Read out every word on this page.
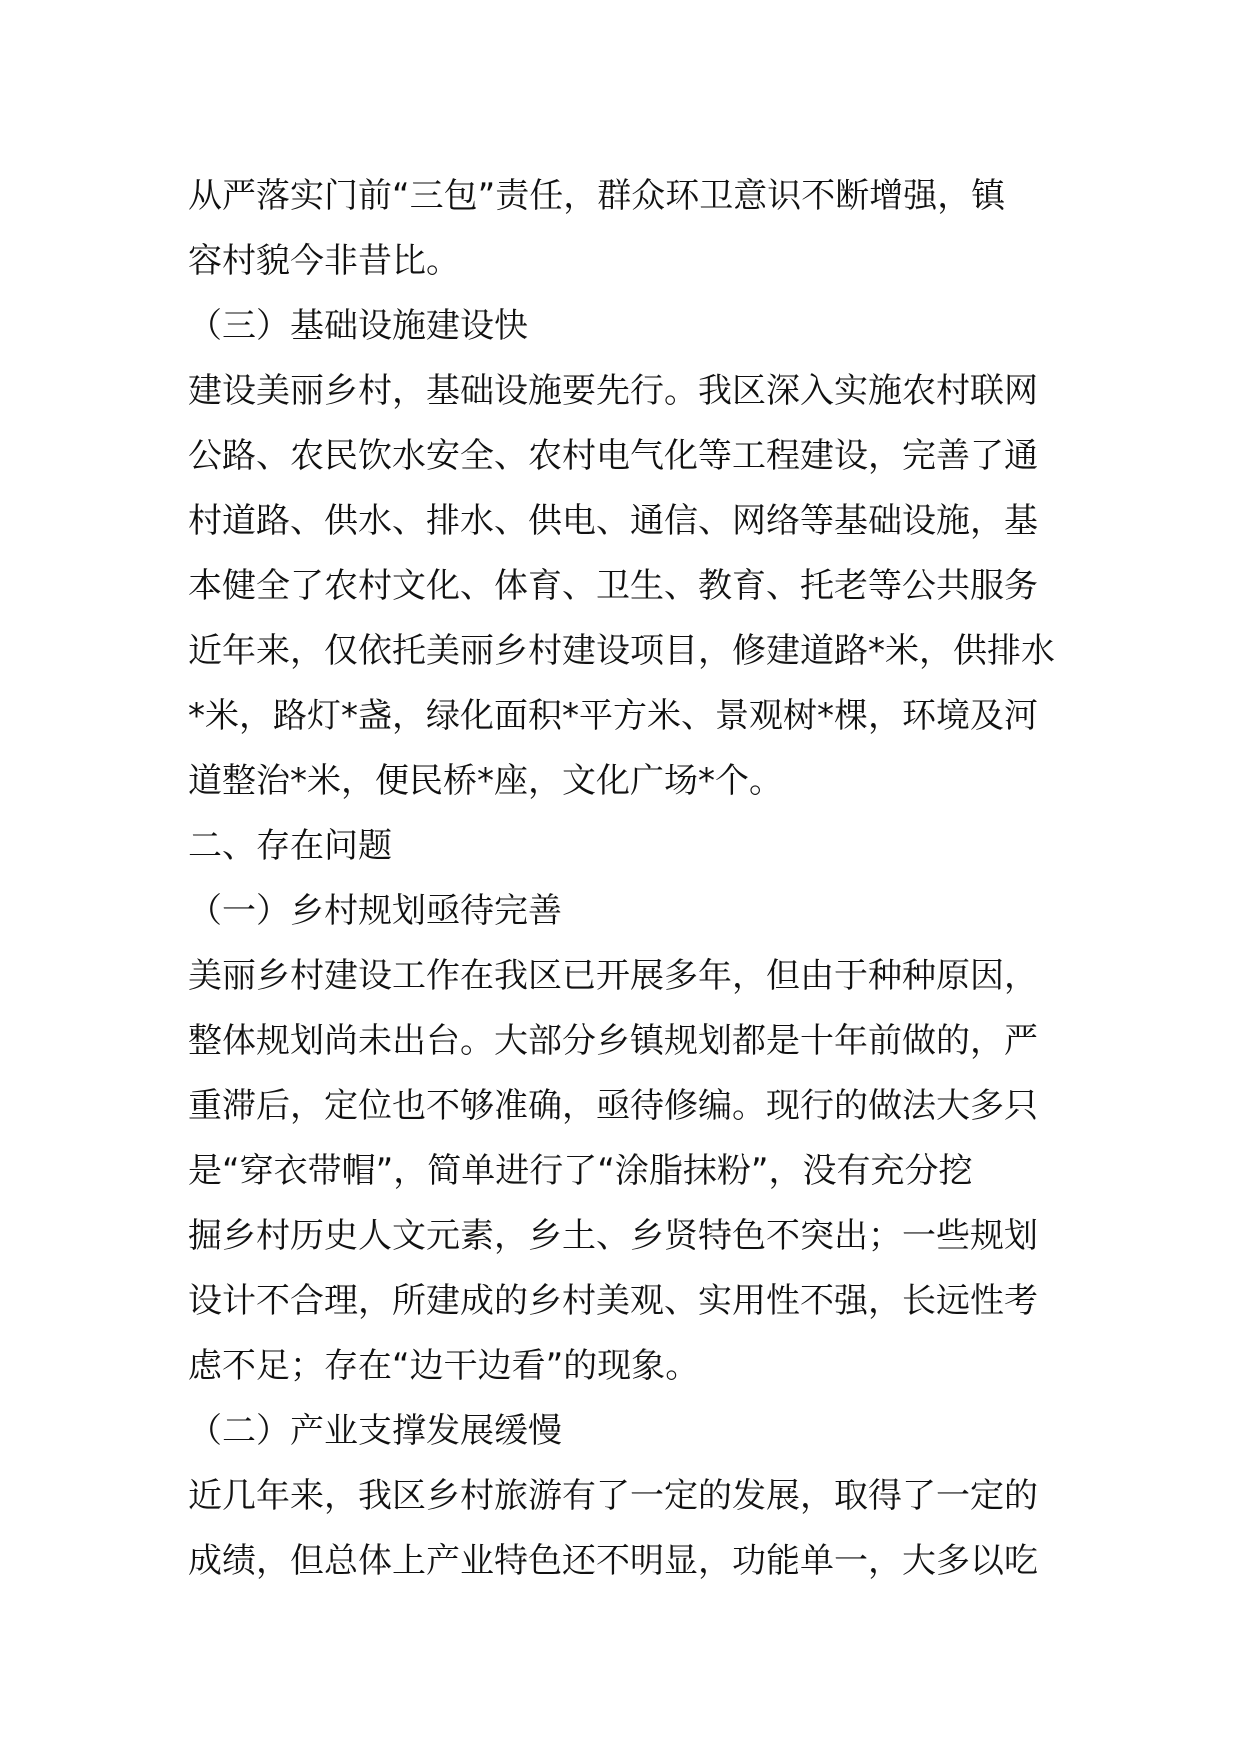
从严落实门前“三包”责任，群众环卫意识不断增强，镇
容村貌今非昔比。
（三）基础设施建设快
建设美丽乡村，基础设施要先行。我区深入实施农村联网
公路、农民饮水安全、农村电气化等工程建设，完善了通
村道路、供水、排水、供电、通信、网络等基础设施，基
本健全了农村文化、体育、卫生、教育、托老等公共服务
近年来，仅依托美丽乡村建设项目，修建道路*米，供排水
*米，路灯*盏，绿化面积*平方米、景观树*棵，环境及河
道整治*米，便民桥*座，文化广场*个。
二、存在问题
（一）乡村规划亟待完善
美丽乡村建设工作在我区已开展多年，但由于种种原因，
整体规划尚未出台。大部分乡镇规划都是十年前做的，严
重滞后，定位也不够准确，亟待修编。现行的做法大多只
是“穿衣带帽”，简单进行了“涂脂抹粉”，没有充分挖
掘乡村历史人文元素，乡土、乡贤特色不突出；一些规划
设计不合理，所建成的乡村美观、实用性不强，长远性考
虑不足；存在“边干边看”的现象。
（二）产业支撑发展缓慢
近几年来，我区乡村旅游有了一定的发展，取得了一定的
成绩，但总体上产业特色还不明显，功能单一，大多以吃
